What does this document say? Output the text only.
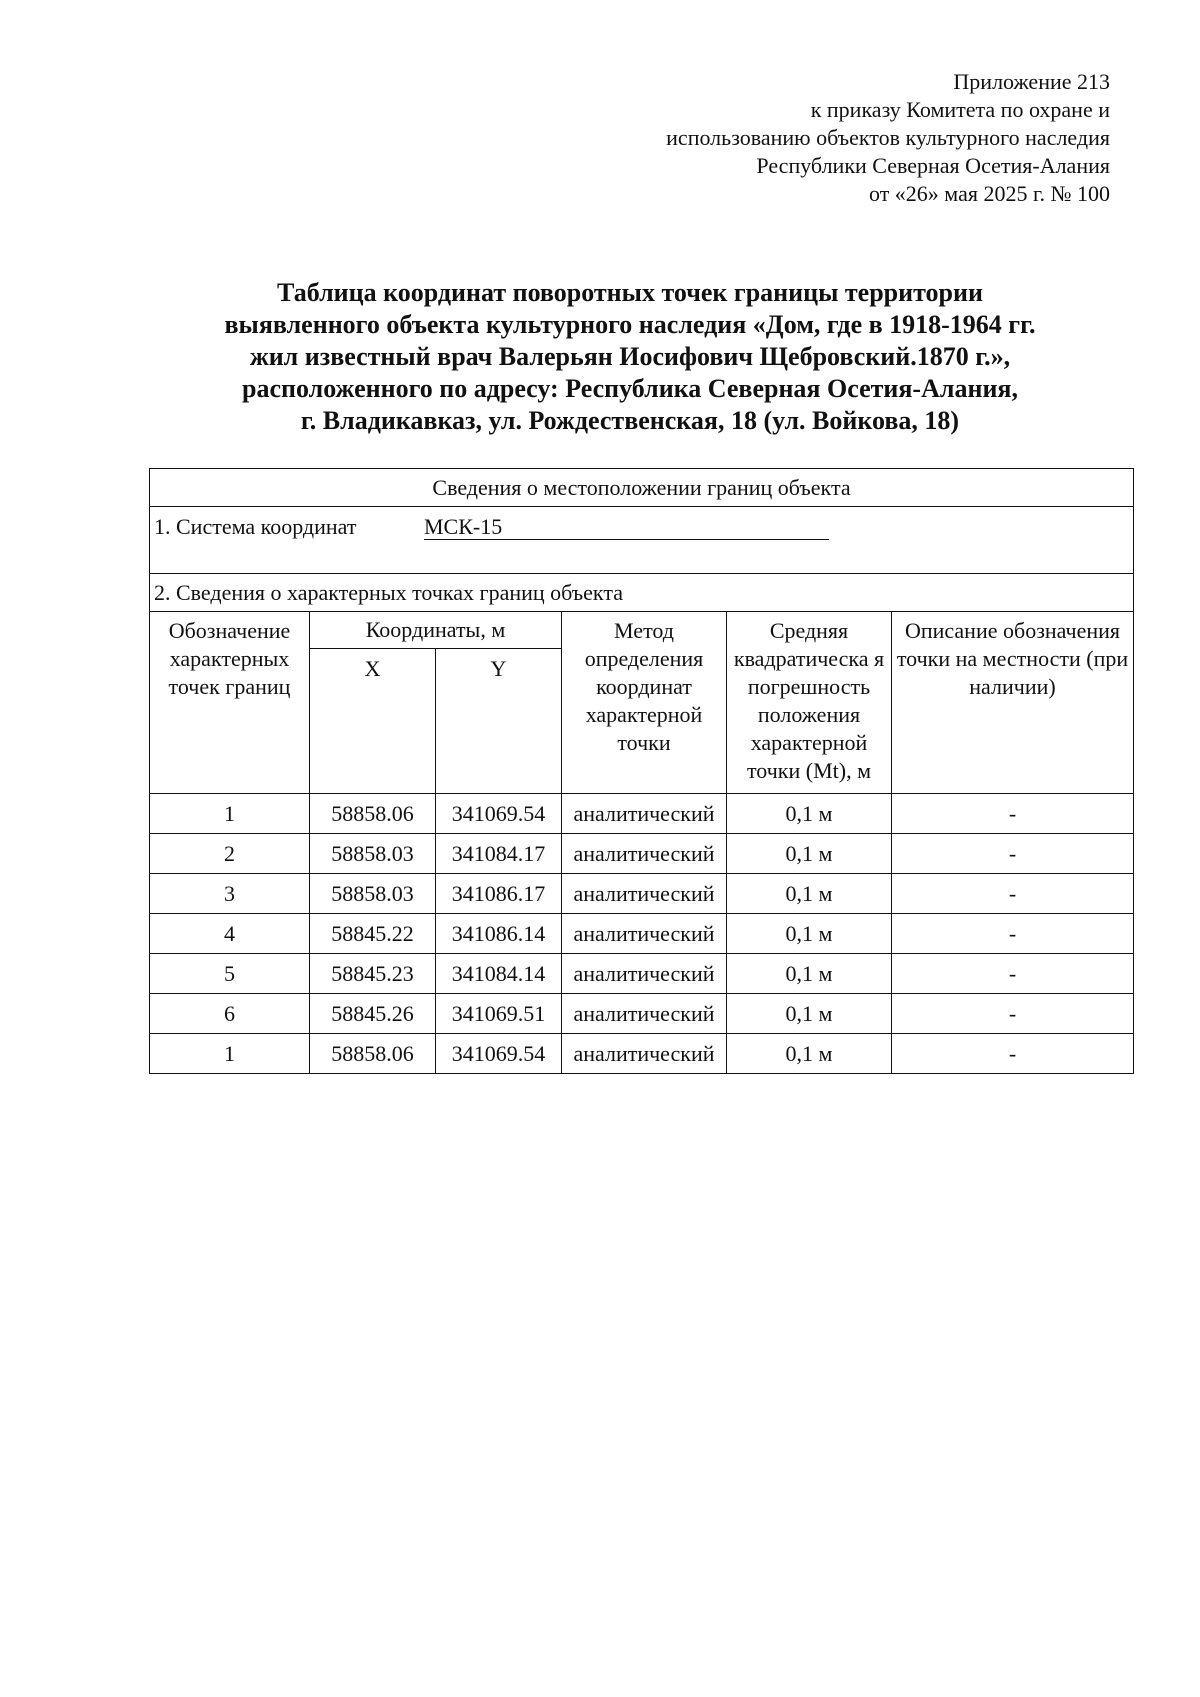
Приложение 213
к приказу Комитета по охране и
использованию объектов культурного наследия
Республики Северная Осетия-Алания
от «26» мая 2025 г. № 100
Таблица координат поворотных точек границы территории
выявленного объекта культурного наследия «Дом, где в 1918-1964 гг.
жил известный врач Валерьян Иосифович Щебровский.1870 г.»,
расположенного по адресу: Республика Северная Осетия-Алания,
г. Владикавказ, ул. Рождественская, 18 (ул. Войкова, 18)
Сведения о местоположении границ объекта					
1. Система координат МСК-15					
2. Сведения о характерных точках границ объекта					
Обозначение характерных точек границ	Координаты, м		Метод определения координат характерной точки	Средняя квадратическа я погрешность положения характерной точки (Mt), м	Описание обозначения точки на местности (при наличии)
	X	Y			
1	58858.06	341069.54	аналитический	0,1 м	-
2	58858.03	341084.17	аналитический	0,1 м	-
3	58858.03	341086.17	аналитический	0,1 м	-
4	58845.22	341086.14	аналитический	0,1 м	-
5	58845.23	341084.14	аналитический	0,1 м	-
6	58845.26	341069.51	аналитический	0,1 м	-
1	58858.06	341069.54	аналитический	0,1 м	-
